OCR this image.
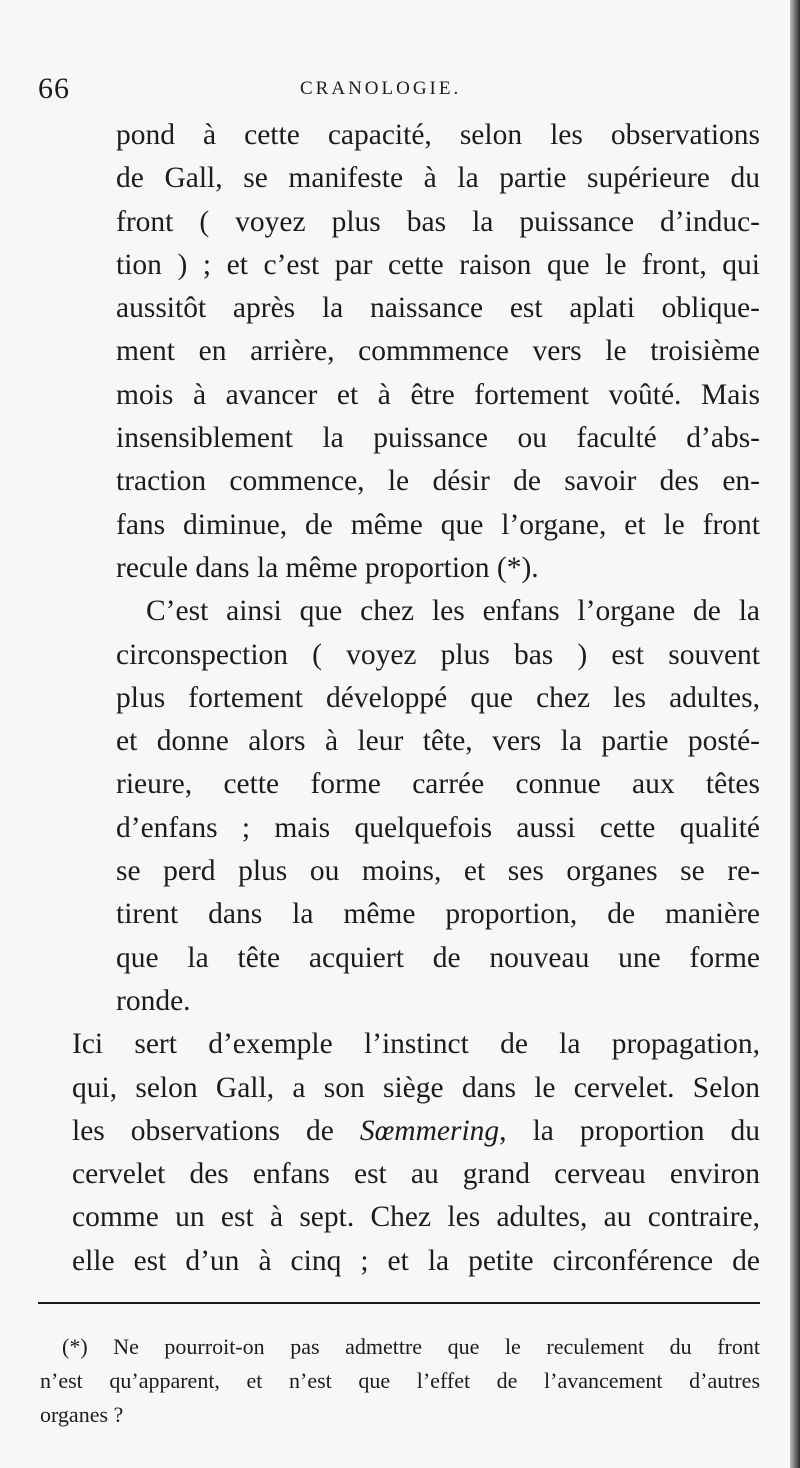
66	CRANOLOGIE.
pond à cette capacité, selon les observations
de Gall, se manifeste à la partie supérieure du
front ( voyez plus bas la puissance d’induc-
tion ) ; et c’est par cette raison que le front, qui
aussitôt après la naissance est aplati oblique-
ment en arrière, commmence vers le troisième
mois à avancer et à être fortement voûté. Mais
insensiblement la puissance ou faculté d’abs-
traction commence, le désir de savoir des en-
fans diminue, de même que l’organe, et le front
recule dans la même proportion (*).
C’est ainsi que chez les enfans l’organe de la
circonspection ( voyez plus bas ) est souvent
plus fortement développé que chez les adultes,
et donne alors à leur tête, vers la partie posté-
rieure, cette forme carrée connue aux têtes
d’enfans ; mais quelquefois aussi cette qualité
se perd plus ou moins, et ses organes se re-
tirent dans la même proportion, de manière
que la tête acquiert de nouveau une forme
ronde.
Ici sert d’exemple l’instinct de la propagation,
qui, selon Gall, a son siège dans le cervelet. Selon
les observations de Sœmmering, la proportion du
cervelet des enfans est au grand cerveau environ
comme un est à sept. Chez les adultes, au contraire,
elle est d’un à cinq ; et la petite circonférence de
(*) Ne pourroit-on pas admettre que le reculement du front
n’est qu’apparent, et n’est que l’effet de l’avancement d’autres
organes ?
